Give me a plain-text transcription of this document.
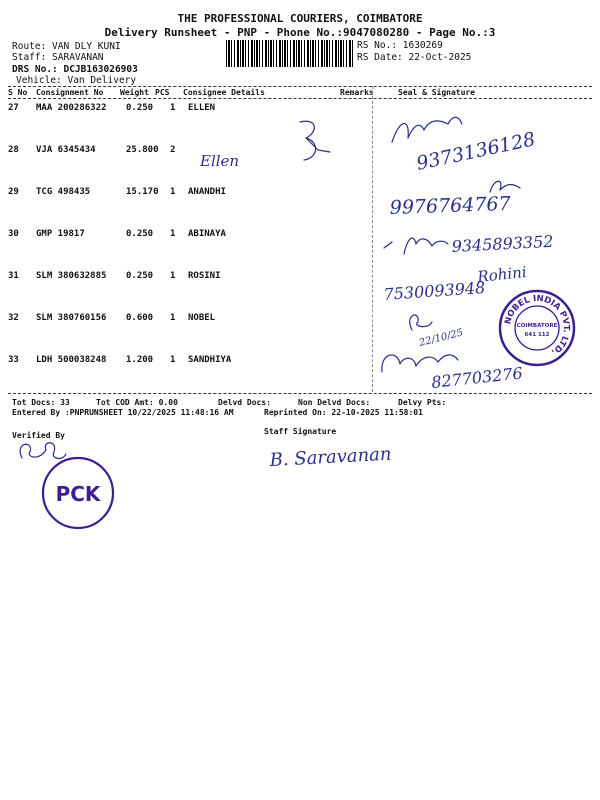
THE PROFESSIONAL COURIERS, COIMBATORE
Delivery Runsheet - PNP - Phone No.:9047080280 - Page No.:3
Route: VAN DLY KUNI
Staff: SARAVANAN
DRS No.: DCJB163026903
Vehicle: Van Delivery
RS No.: 1630269
RS Date: 22-Oct-2025
S No Consignment No Weight PCS Consignee Details	Remarks	Seal & Signature
27 MAA 200286322 0.250 1 ELLEN
28 VJA 6345434	25.800 2
29 TCG 498435	15.170 1 ANANDHI
30 GMP 19817	0.250 1 ABINAYA
31 SLM 380632885 0.250 1 ROSINI
32 SLM 380760156 0.600 1 NOBEL
33 LDH 500038248 1.200 1 SANDHIYA
9373136128
Ellen
9976764767
9345893352
Rohini
7530093948
22/10/25
827703276
NOBEL INDIA PVT. LTD.
COIMBATORE
641 112
PCK
B. Saravanan
Tot Docs: 33	Tot COD Amt: 0.00	Delvd Docs:	Non Delvd Docs:	Delvy Pts:
Entered By :PNPRUNSHEET 10/22/2025 11:48:16 AM	Reprinted On: 22-10-2025 11:58:01
Verified By	Staff Signature
